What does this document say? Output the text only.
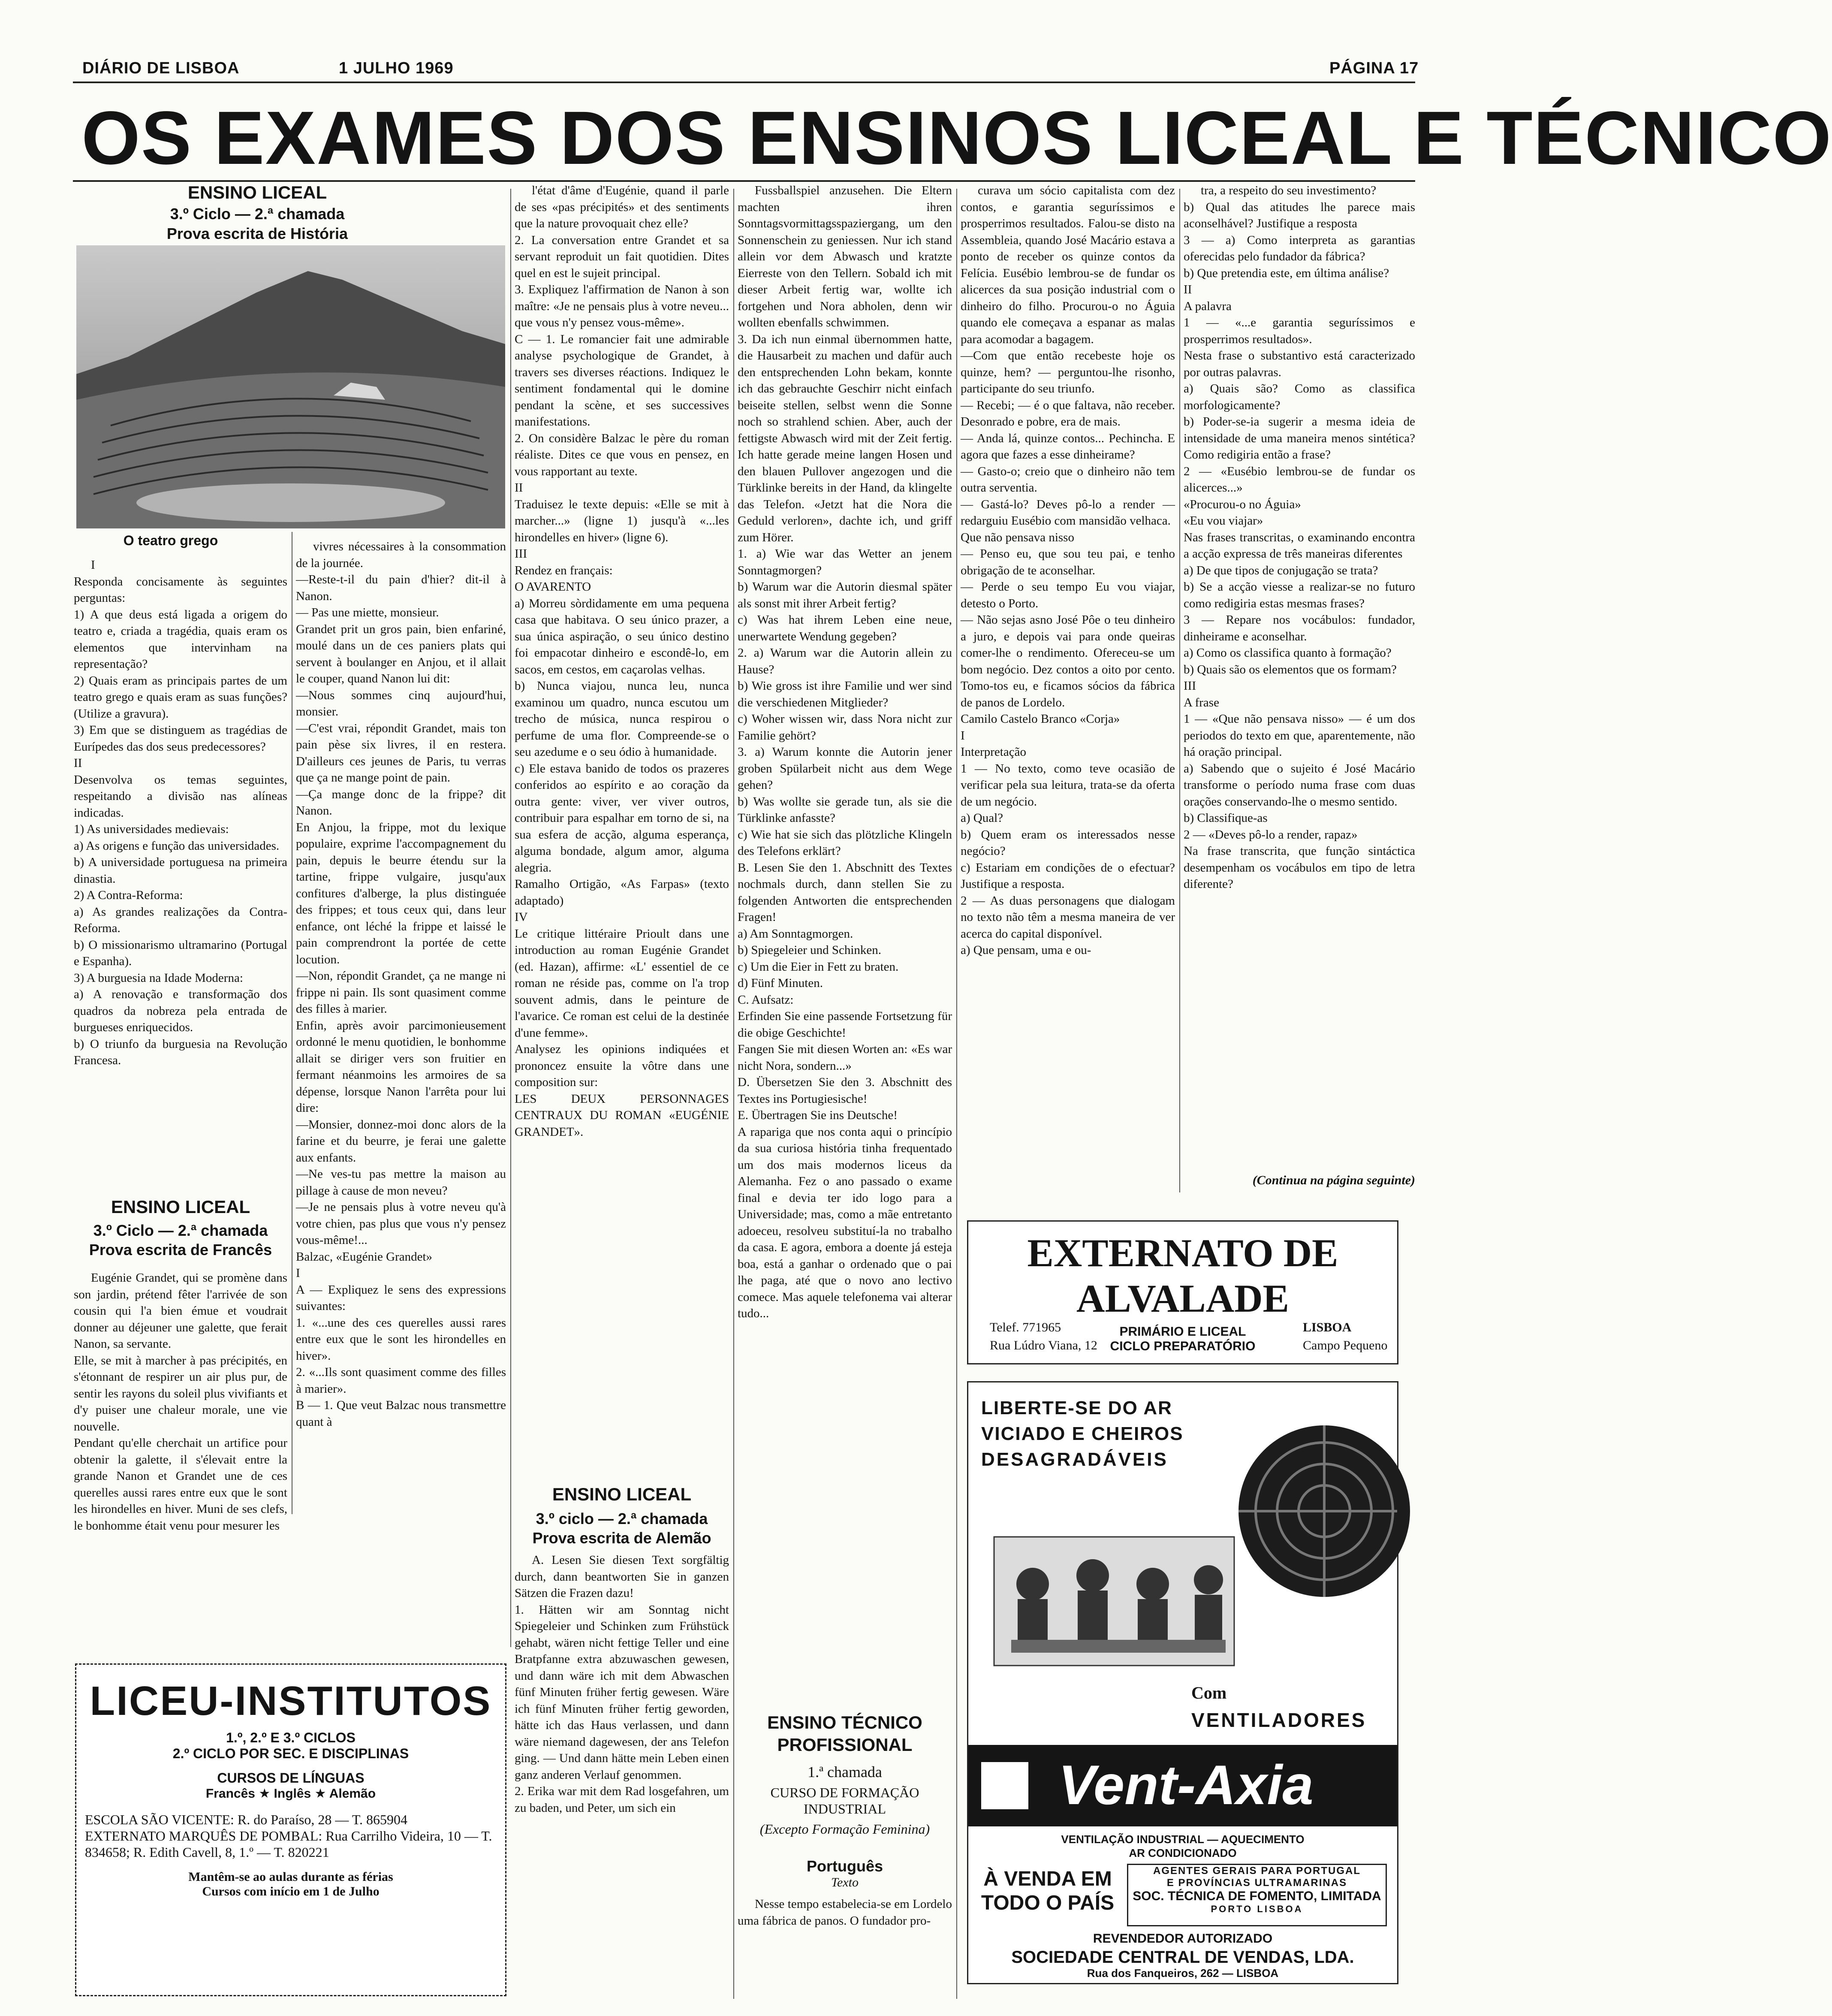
DIÁRIO DE LISBOA	1 JULHO 1969	PÁGINA 17
OS EXAMES DOS ENSINOS LICEAL E TÉCNICO
ENSINO LICEAL
3.º Ciclo — 2.ª chamada
Prova escrita de História
O teatro grego

I
Responda concisamente às seguintes perguntas:
1) A que deus está ligada a origem do teatro e, criada a tragédia, quais eram os elementos que intervinham na representação?
2) Quais eram as principais partes de um teatro grego e quais eram as suas funções? (Utilize a gravura).
3) Em que se distinguem as tragédias de Eurípedes das dos seus predecessores?
II
Desenvolva os temas seguintes, respeitando a divisão nas alíneas indicadas.
1) As universidades medievais:
a) As origens e função das universidades.
b) A universidade portuguesa na primeira dinastia.
2) A Contra-Reforma:
a) As grandes realizações da Contra-Reforma.
b) O missionarismo ultramarino (Portugal e Espanha).
3) A burguesia na Idade Moderna:
a) A renovação e transformação dos quadros da nobreza pela entrada de burgueses enriquecidos.
b) O triunfo da burguesia na Revolução Francesa.

ENSINO LICEAL
3.º Ciclo — 2.ª chamada
Prova escrita de Francês

Eugénie Grandet, qui se promène dans son jardin, prétend fêter l'arrivée de son cousin qui l'a bien émue et voudrait donner au déjeuner une galette, que ferait Nanon, sa servante.
Elle, se mit à marcher à pas précipités, en s'étonnant de respirer un air plus pur, de sentir les rayons du soleil plus vivifiants et d'y puiser une chaleur morale, une vie nouvelle.
Pendant qu'elle cherchait un artifice pour obtenir la galette, il s'élevait entre la grande Nanon et Grandet une de ces querelles aussi rares entre eux que le sont les hirondelles en hiver. Muni de ses clefs, le bonhomme était venu pour mesurer les

vivres nécessaires à la consommation de la journée.
—Reste-t-il du pain d'hier? dit-il à Nanon.
— Pas une miette, monsieur.
Grandet prit un gros pain, bien enfariné, moulé dans un de ces paniers plats qui servent à boulanger en Anjou, et il allait le couper, quand Nanon lui dit:
—Nous sommes cinq aujourd'hui, monsier.
—C'est vrai, répondit Grandet, mais ton pain pèse six livres, il en restera. D'ailleurs ces jeunes de Paris, tu verras que ça ne mange point de pain.
—Ça mange donc de la frippe? dit Nanon.
En Anjou, la frippe, mot du lexique populaire, exprime l'accompagnement du pain, depuis le beurre étendu sur la tartine, frippe vulgaire, jusqu'aux confitures d'alberge, la plus distinguée des frippes; et tous ceux qui, dans leur enfance, ont léché la frippe et laissé le pain comprendront la portée de cette locution.
—Non, répondit Grandet, ça ne mange ni frippe ni pain. Ils sont quasiment comme des filles à marier.
Enfin, après avoir parcimonieusement ordonné le menu quotidien, le bonhomme allait se diriger vers son fruitier en fermant néanmoins les armoires de sa dépense, lorsque Nanon l'arrêta pour lui dire:
—Monsier, donnez-moi donc alors de la farine et du beurre, je ferai une galette aux enfants.
—Ne ves-tu pas mettre la maison au pillage à cause de mon neveu?
—Je ne pensais plus à votre neveu qu'à votre chien, pas plus que vous n'y pensez vous-même!...
Balzac, «Eugénie Grandet»
I
A — Expliquez le sens des expressions suivantes:
1. «...une des ces querelles aussi rares entre eux que le sont les hirondelles en hiver».
2. «...Ils sont quasiment comme des filles à marier».
B — 1. Que veut Balzac nous transmettre quant à

l'état d'âme d'Eugénie, quand il parle de ses «pas précipités» et des sentiments que la nature provoquait chez elle?
2. La conversation entre Grandet et sa servant reproduit un fait quotidien. Dites quel en est le sujeit principal.
3. Expliquez l'affirmation de Nanon à son maître: «Je ne pensais plus à votre neveu... que vous n'y pensez vous-même».
C — 1. Le romancier fait une admirable analyse psychologique de Grandet, à travers ses diverses réactions. Indiquez le sentiment fondamental qui le domine pendant la scène, et ses successives manifestations.
2. On considère Balzac le père du roman réaliste. Dites ce que vous en pensez, en vous rapportant au texte.
II
Traduisez le texte depuis: «Elle se mit à marcher...» (ligne 1) jusqu'à «...les hirondelles en hiver» (ligne 6).
III
Rendez en français:
O AVARENTO
a) Morreu sòrdidamente em uma pequena casa que habitava. O seu único prazer, a sua única aspiração, o seu único destino foi empacotar dinheiro e escondê-lo, em sacos, em cestos, em caçarolas velhas.
b) Nunca viajou, nunca leu, nunca examinou um quadro, nunca escutou um trecho de música, nunca respirou o perfume de uma flor. Compreende-se o seu azedume e o seu ódio à humanidade.
c) Ele estava banido de todos os prazeres conferidos ao espírito e ao coração da outra gente: viver, ver viver outros, contribuir para espalhar em torno de si, na sua esfera de acção, alguma esperança, alguma bondade, algum amor, alguma alegria.
Ramalho Ortigão, «As Farpas» (texto adaptado)
IV
Le critique littéraire Prioult dans une introduction au roman Eugénie Grandet (ed. Hazan), affirme: «L' essentiel de ce roman ne réside pas, comme on l'a trop souvent admis, dans le peinture de l'avarice. Ce roman est celui de la destinée d'une femme».
Analysez les opinions indiquées et prononcez ensuite la vôtre dans une composition sur:
LES DEUX PERSONNAGES CENTRAUX DU ROMAN «EUGÉNIE GRANDET».

ENSINO LICEAL
3.º ciclo — 2.ª chamada
Prova escrita de Alemão

A. Lesen Sie diesen Text sorgfältig durch, dann beantworten Sie in ganzen Sätzen die Frazen dazu!
1. Hätten wir am Sonntag nicht Spiegeleier und Schinken zum Frühstück gehabt, wären nicht fettige Teller und eine Bratpfanne extra abzuwaschen gewesen, und dann wäre ich mit dem Abwaschen fünf Minuten früher fertig gewesen. Wäre ich fünf Minuten früher fertig geworden, hätte ich das Haus verlassen, und dann wäre niemand dagewesen, der ans Telefon ging. — Und dann hätte mein Leben einen ganz anderen Verlauf genommen.
2. Erika war mit dem Rad losgefahren, um zu baden, und Peter, um sich ein

Fussballspiel anzusehen. Die Eltern machten ihren Sonntagsvormittagsspaziergang, um den Sonnenschein zu geniessen. Nur ich stand allein vor dem Abwasch und kratzte Eierreste von den Tellern. Sobald ich mit dieser Arbeit fertig war, wollte ich fortgehen und Nora abholen, denn wir wollten ebenfalls schwimmen.
3. Da ich nun einmal übernommen hatte, die Hausarbeit zu machen und dafür auch den entsprechenden Lohn bekam, konnte ich das gebrauchte Geschirr nicht einfach beiseite stellen, selbst wenn die Sonne noch so strahlend schien. Aber, auch der fettigste Abwasch wird mit der Zeit fertig. Ich hatte gerade meine langen Hosen und den blauen Pullover angezogen und die Türklinke bereits in der Hand, da klingelte das Telefon. «Jetzt hat die Nora die Geduld verloren», dachte ich, und griff zum Hörer.
1. a) Wie war das Wetter an jenem Sonntagmorgen?
b) Warum war die Autorin diesmal später als sonst mit ihrer Arbeit fertig?
c) Was hat ihrem Leben eine neue, unerwartete Wendung gegeben?
2. a) Warum war die Autorin allein zu Hause?
b) Wie gross ist ihre Familie und wer sind die verschiedenen Mitglieder?
c) Woher wissen wir, dass Nora nicht zur Familie gehört?
3. a) Warum konnte die Autorin jener groben Spülarbeit nicht aus dem Wege gehen?
b) Was wollte sie gerade tun, als sie die Türklinke anfasste?
c) Wie hat sie sich das plötzliche Klingeln des Telefons erklärt?
B. Lesen Sie den 1. Abschnitt des Textes nochmals durch, dann stellen Sie zu folgenden Antworten die entsprechenden Fragen!
a) Am Sonntagmorgen.
b) Spiegeleier und Schinken.
c) Um die Eier in Fett zu braten.
d) Fünf Minuten.
C. Aufsatz:
Erfinden Sie eine passende Fortsetzung für die obige Geschichte!
Fangen Sie mit diesen Worten an: «Es war nicht Nora, sondern...»
D. Übersetzen Sie den 3. Abschnitt des Textes ins Portugiesische!
E. Übertragen Sie ins Deutsche!
A rapariga que nos conta aqui o princípio da sua curiosa história tinha frequentado um dos mais modernos liceus da Alemanha. Fez o ano passado o exame final e devia ter ido logo para a Universidade; mas, como a mãe entretanto adoeceu, resolveu substituí-la no trabalho da casa. E agora, embora a doente já esteja boa, está a ganhar o ordenado que o pai lhe paga, até que o novo ano lectivo comece. Mas aquele telefonema vai alterar tudo...

ENSINO TÉCNICO PROFISSIONAL
1.ª chamada
CURSO DE FORMAÇÃO INDUSTRIAL
(Excepto Formação Feminina)
Português
Texto

Nesse tempo estabelecia-se em Lordelo uma fábrica de panos. O fundador pro-

curava um sócio capitalista com dez contos, e garantia seguríssimos e prosperrimos resultados. Falou-se disto na Assembleia, quando José Macário estava a ponto de receber os quinze contos da Felícia. Eusébio lembrou-se de fundar os alicerces da sua posição industrial com o dinheiro do filho. Procurou-o no Águia quando ele começava a espanar as malas para acomodar a bagagem.
—Com que então recebeste hoje os quinze, hem? — perguntou-lhe risonho, participante do seu triunfo.
— Recebi; — é o que faltava, não receber. Desonrado e pobre, era de mais.
— Anda lá, quinze contos... Pechincha. E agora que fazes a esse dinheirame?
— Gasto-o; creio que o dinheiro não tem outra serventia.
— Gastá-lo? Deves pô-lo a render — redarguiu Eusébio com mansidão velhaca.
Que não pensava nisso
— Penso eu, que sou teu pai, e tenho obrigação de te aconselhar.
— Perde o seu tempo Eu vou viajar, detesto o Porto.
— Não sejas asno José Pôe o teu dinheiro a juro, e depois vai para onde queiras comer-lhe o rendimento. Ofereceu-se um bom negócio. Dez contos a oito por cento. Tomo-tos eu, e ficamos sócios da fábrica de panos de Lordelo.
Camilo Castelo Branco «Corja»
I
Interpretação
1 — No texto, como teve ocasião de verificar pela sua leitura, trata-se da oferta de um negócio.
a) Qual?
b) Quem eram os interessados nesse negócio?
c) Estariam em condições de o efectuar? Justifique a resposta.
2 — As duas personagens que dialogam no texto não têm a mesma maneira de ver acerca do capital disponível.
a) Que pensam, uma e ou-

tra, a respeito do seu investimento?
b) Qual das atitudes lhe parece mais aconselhável? Justifique a resposta
3 — a) Como interpreta as garantias oferecidas pelo fundador da fábrica?
b) Que pretendia este, em última análise?
II
A palavra
1 — «...e garantia seguríssimos e prosperrimos resultados».
Nesta frase o substantivo está caracterizado por outras palavras.
a) Quais são? Como as classifica morfologicamente?
b) Poder-se-ia sugerir a mesma ideia de intensidade de uma maneira menos sintética? Como redigiria então a frase?
2 — «Eusébio lembrou-se de fundar os alicerces...»
«Procurou-o no Águia»
«Eu vou viajar»
Nas frases transcritas, o examinando encontra a acção expressa de três maneiras diferentes
a) De que tipos de conjugação se trata?
b) Se a acção viesse a realizar-se no futuro como redigiria estas mesmas frases?
3 — Repare nos vocábulos: fundador, dinheirame e aconselhar.
a) Como os classifica quanto à formação?
b) Quais são os elementos que os formam?
III
A frase
1 — «Que não pensava nisso» — é um dos periodos do texto em que, aparentemente, não há oração principal.
a) Sabendo que o sujeito é José Macário transforme o período numa frase com duas orações conservando-lhe o mesmo sentido.
b) Classifique-as
2 — «Deves pô-lo a render, rapaz»
Na frase transcrita, que função sintáctica desempenham os vocábulos em tipo de letra diferente?

(Continua na página seguinte)
LICEU-INSTITUTOS
1.º, 2.º E 3.º CICLOS
2.º CICLO POR SEC. E DISCIPLINAS
CURSOS DE LÍNGUAS
Francês ★ Inglês ★ Alemão
ESCOLA SÃO VICENTE: R. do Paraíso, 28 — T. 865904
EXTERNATO MARQUÊS DE POMBAL: Rua Carrilho Videira, 10 — T. 834658; R. Edith Cavell, 8, 1.º — T. 820221
Mantêm-se ao aulas durante as férias
Cursos com início em 1 de Julho
EXTERNATO DE ALVALADE
PRIMÁRIO E LICEAL
CICLO PREPARATÓRIO
Telef. 771965	LISBOA
Rua Lúdro Viana, 12	Campo Pequeno
LIBERTE-SE DO AR
VICIADO E CHEIROS
DESAGRADÁVEIS
Com
VENTILADORES
Vent-Axia
VENTILAÇÃO INDUSTRIAL — AQUECIMENTO
AR CONDICIONADO
À VENDA EM TODO O PAÍS
AGENTES GERAIS PARA PORTUGAL
E PROVÍNCIAS ULTRAMARINAS
SOC. TÉCNICA DE FOMENTO, LIMITADA
PORTO LISBOA
REVENDEDOR AUTORIZADO
SOCIEDADE CENTRAL DE VENDAS, LDA.
Rua dos Fanqueiros, 262 — LISBOA
